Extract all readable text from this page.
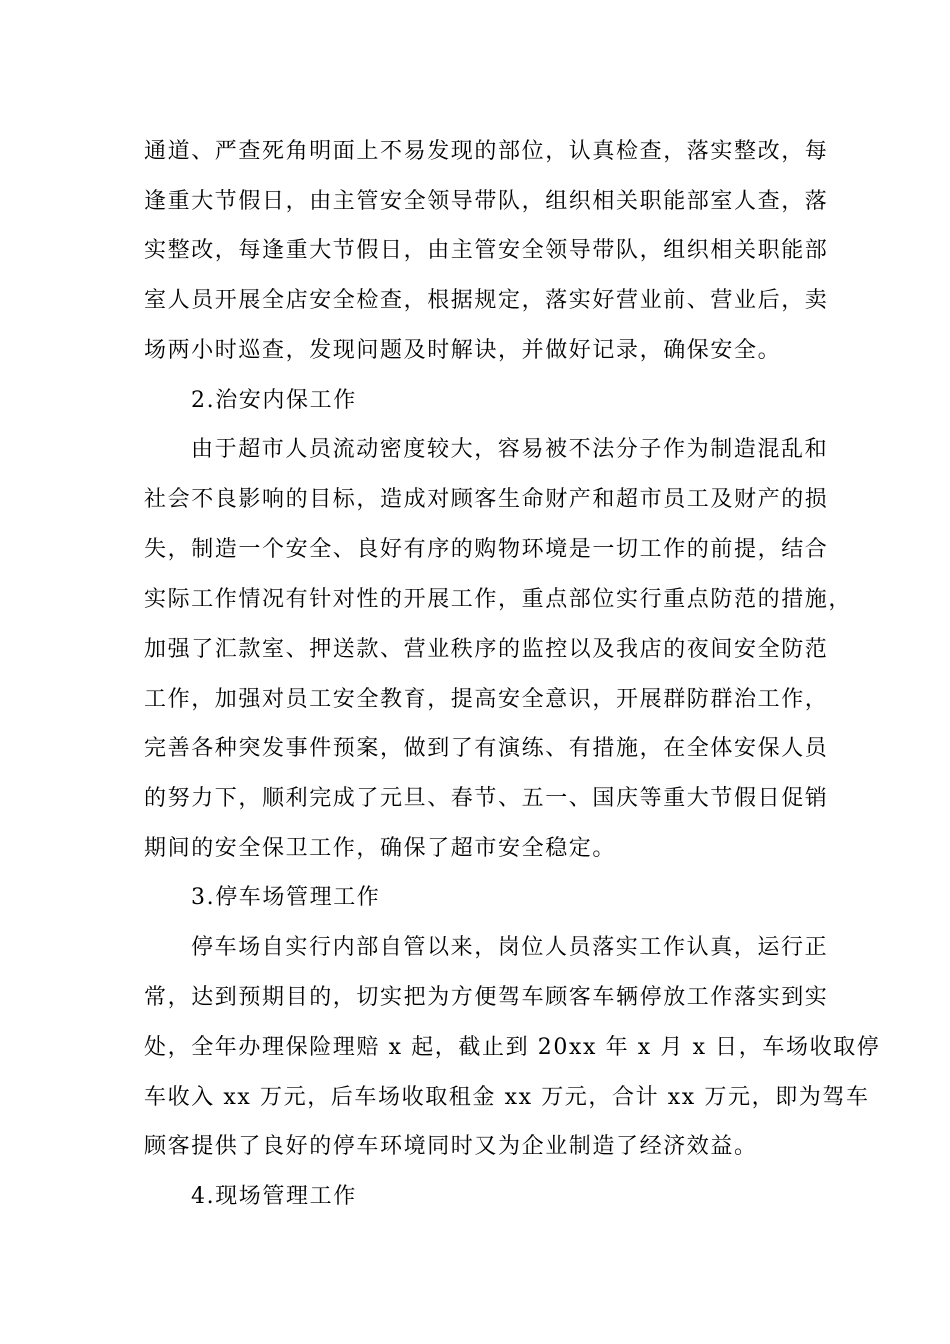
通道、严查死角明面上不易发现的部位，认真检查，落实整改，每
逢重大节假日，由主管安全领导带队，组织相关职能部室人查，落
实整改，每逢重大节假日，由主管安全领导带队，组织相关职能部
室人员开展全店安全检查，根据规定，落实好营业前、营业后，卖
场两小时巡查，发现问题及时解诀，并做好记录，确保安全。
2.治安内保工作
由于超市人员流动密度较大，容易被不法分子作为制造混乱和
社会不良影响的目标，造成对顾客生命财产和超市员工及财产的损
失，制造一个安全、良好有序的购物环境是一切工作的前提，结合
实际工作情况有针对性的开展工作，重点部位实行重点防范的措施，
加强了汇款室、押送款、营业秩序的监控以及我店的夜间安全防范
工作，加强对员工安全教育，提高安全意识，开展群防群治工作，
完善各种突发事件预案，做到了有演练、有措施，在全体安保人员
的努力下，顺利完成了元旦、春节、五一、国庆等重大节假日促销
期间的安全保卫工作，确保了超市安全稳定。
3.停车场管理工作
停车场自实行内部自管以来，岗位人员落实工作认真，运行正
常，达到预期目的，切实把为方便驾车顾客车辆停放工作落实到实
处，全年办理保险理赔 x 起，截止到 20xx 年 x 月 x 日，车场收取停
车收入 xx 万元，后车场收取租金 xx 万元，合计 xx 万元，即为驾车
顾客提供了良好的停车环境同时又为企业制造了经济效益。
4.现场管理工作
